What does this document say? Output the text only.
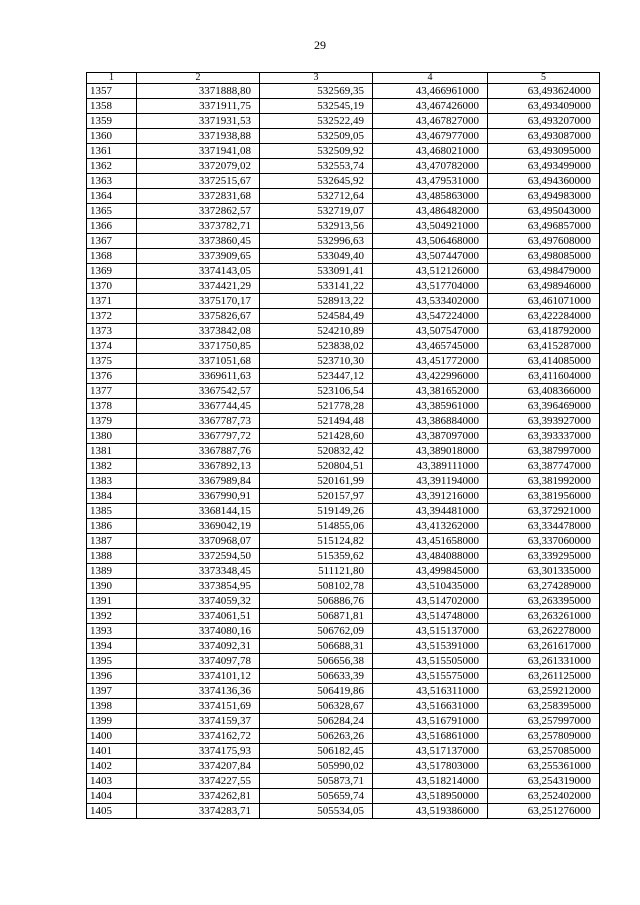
29
1	2	3	4	5
1357	3371888,80	532569,35	43,466961000	63,493624000
1358	3371911,75	532545,19	43,467426000	63,493409000
1359	3371931,53	532522,49	43,467827000	63,493207000
1360	3371938,88	532509,05	43,467977000	63,493087000
1361	3371941,08	532509,92	43,468021000	63,493095000
1362	3372079,02	532553,74	43,470782000	63,493499000
1363	3372515,67	532645,92	43,479531000	63,494360000
1364	3372831,68	532712,64	43,485863000	63,494983000
1365	3372862,57	532719,07	43,486482000	63,495043000
1366	3373782,71	532913,56	43,504921000	63,496857000
1367	3373860,45	532996,63	43,506468000	63,497608000
1368	3373909,65	533049,40	43,507447000	63,498085000
1369	3374143,05	533091,41	43,512126000	63,498479000
1370	3374421,29	533141,22	43,517704000	63,498946000
1371	3375170,17	528913,22	43,533402000	63,461071000
1372	3375826,67	524584,49	43,547224000	63,422284000
1373	3373842,08	524210,89	43,507547000	63,418792000
1374	3371750,85	523838,02	43,465745000	63,415287000
1375	3371051,68	523710,30	43,451772000	63,414085000
1376	3369611,63	523447,12	43,422996000	63,411604000
1377	3367542,57	523106,54	43,381652000	63,408366000
1378	3367744,45	521778,28	43,385961000	63,396469000
1379	3367787,73	521494,48	43,386884000	63,393927000
1380	3367797,72	521428,60	43,387097000	63,393337000
1381	3367887,76	520832,42	43,389018000	63,387997000
1382	3367892,13	520804,51	43,389111000	63,387747000
1383	3367989,84	520161,99	43,391194000	63,381992000
1384	3367990,91	520157,97	43,391216000	63,381956000
1385	3368144,15	519149,26	43,394481000	63,372921000
1386	3369042,19	514855,06	43,413262000	63,334478000
1387	3370968,07	515124,82	43,451658000	63,337060000
1388	3372594,50	515359,62	43,484088000	63,339295000
1389	3373348,45	511121,80	43,499845000	63,301335000
1390	3373854,95	508102,78	43,510435000	63,274289000
1391	3374059,32	506886,76	43,514702000	63,263395000
1392	3374061,51	506871,81	43,514748000	63,263261000
1393	3374080,16	506762,09	43,515137000	63,262278000
1394	3374092,31	506688,31	43,515391000	63,261617000
1395	3374097,78	506656,38	43,515505000	63,261331000
1396	3374101,12	506633,39	43,515575000	63,261125000
1397	3374136,36	506419,86	43,516311000	63,259212000
1398	3374151,69	506328,67	43,516631000	63,258395000
1399	3374159,37	506284,24	43,516791000	63,257997000
1400	3374162,72	506263,26	43,516861000	63,257809000
1401	3374175,93	506182,45	43,517137000	63,257085000
1402	3374207,84	505990,02	43,517803000	63,255361000
1403	3374227,55	505873,71	43,518214000	63,254319000
1404	3374262,81	505659,74	43,518950000	63,252402000
1405	3374283,71	505534,05	43,519386000	63,251276000
